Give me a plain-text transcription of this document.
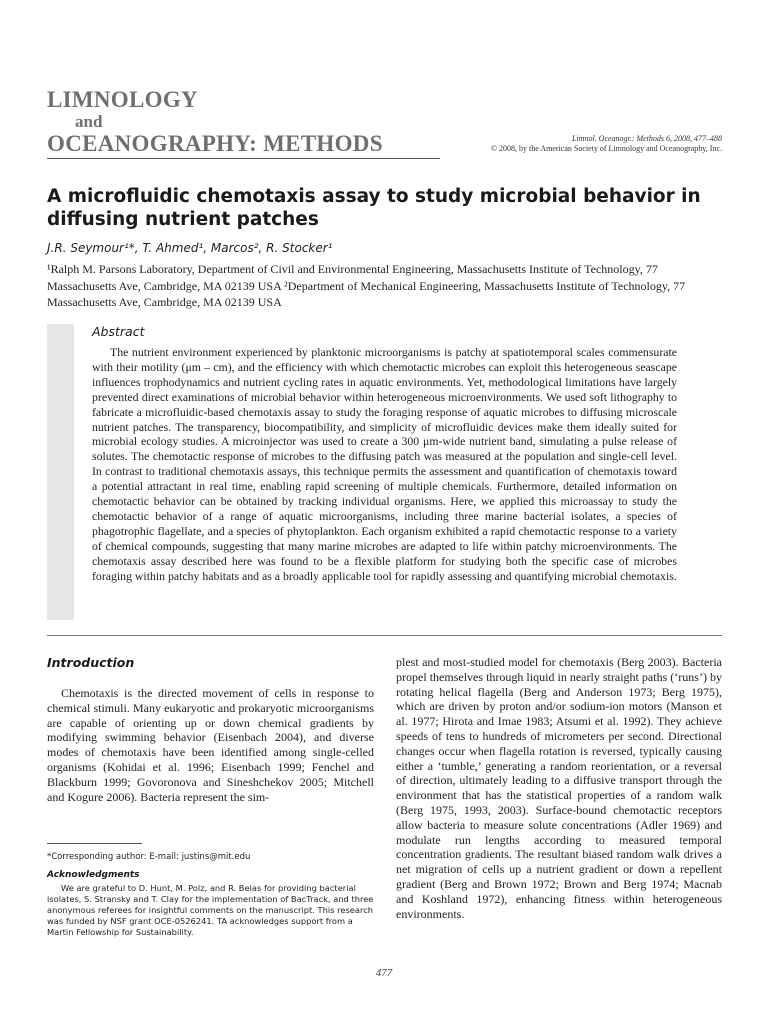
LIMNOLOGY
and
OCEANOGRAPHY: METHODS	Limnol. Oceanogr.: Methods 6, 2008, 477–488
© 2008, by the American Society of Limnology and Oceanography, Inc.
A microfluidic chemotaxis assay to study microbial behavior in diffusing nutrient patches
J.R. Seymour¹*, T. Ahmed¹, Marcos², R. Stocker¹
¹Ralph M. Parsons Laboratory, Department of Civil and Environmental Engineering, Massachusetts Institute of Technology, 77 Massachusetts Ave, Cambridge, MA 02139 USA ²Department of Mechanical Engineering, Massachusetts Institute of Technology, 77 Massachusetts Ave, Cambridge, MA 02139 USA
Abstract

The nutrient environment experienced by planktonic microorganisms is patchy at spatiotemporal scales commensurate with their motility (μm – cm), and the efficiency with which chemotactic microbes can exploit this heterogeneous seascape influences trophodynamics and nutrient cycling rates in aquatic environments. Yet, methodological limitations have largely prevented direct examinations of microbial behavior within heterogeneous microenvironments. We used soft lithography to fabricate a microfluidic-based chemotaxis assay to study the foraging response of aquatic microbes to diffusing microscale nutrient patches. The transparency, biocompatibility, and simplicity of microfluidic devices make them ideally suited for microbial ecology studies. A microinjector was used to create a 300 μm-wide nutrient band, simulating a pulse release of solutes. The chemotactic response of microbes to the diffusing patch was measured at the population and single-cell level. In contrast to traditional chemotaxis assays, this technique permits the assessment and quantification of chemotaxis toward a potential attractant in real time, enabling rapid screening of multiple chemicals. Furthermore, detailed information on chemotactic behavior can be obtained by tracking individual organisms. Here, we applied this microassay to study the chemotactic behavior of a range of aquatic microorganisms, including three marine bacterial isolates, a species of phagotrophic flagellate, and a species of phytoplankton. Each organism exhibited a rapid chemotactic response to a variety of chemical compounds, suggesting that many marine microbes are adapted to life within patchy microenvironments. The chemotaxis assay described here was found to be a flexible platform for studying both the specific case of microbes foraging within patchy habitats and as a broadly applicable tool for rapidly assessing and quantifying microbial chemotaxis.

Introduction

Chemotaxis is the directed movement of cells in response to chemical stimuli. Many eukaryotic and prokaryotic microorganisms are capable of orienting up or down chemical gradients by modifying swimming behavior (Eisenbach 2004), and diverse modes of chemotaxis have been identified among single-celled organisms (Kohidai et al. 1996; Eisenbach 1999; Fenchel and Blackburn 1999; Govoronova and Sineshchekov 2005; Mitchell and Kogure 2006). Bacteria represent the sim-

plest and most-studied model for chemotaxis (Berg 2003). Bacteria propel themselves through liquid in nearly straight paths (‘runs’) by rotating helical flagella (Berg and Anderson 1973; Berg 1975), which are driven by proton and/or sodium-ion motors (Manson et al. 1977; Hirota and Imae 1983; Atsumi et al. 1992). They achieve speeds of tens to hundreds of micrometers per second. Directional changes occur when flagella rotation is reversed, typically causing either a ‘tumble,’ generating a random reorientation, or a reversal of direction, ultimately leading to a diffusive transport through the environment that has the statistical properties of a random walk (Berg 1975, 1993, 2003). Surface-bound chemotactic receptors allow bacteria to measure solute concentrations (Adler 1969) and modulate run lengths according to measured temporal concentration gradients. The resultant biased random walk drives a net migration of cells up a nutrient gradient or down a repellent gradient (Berg and Brown 1972; Brown and Berg 1974; Macnab and Koshland 1972), enhancing fitness within heterogeneous environments.

*Corresponding author: E-mail: justins@mit.edu
Acknowledgments

We are grateful to D. Hunt, M. Polz, and R. Belas for providing bacterial isolates, S. Stransky and T. Clay for the implementation of BacTrack, and three anonymous referees for insightful comments on the manuscript. This research was funded by NSF grant OCE-0526241. TA acknowledges support from a Martin Fellowship for Sustainability.

477
